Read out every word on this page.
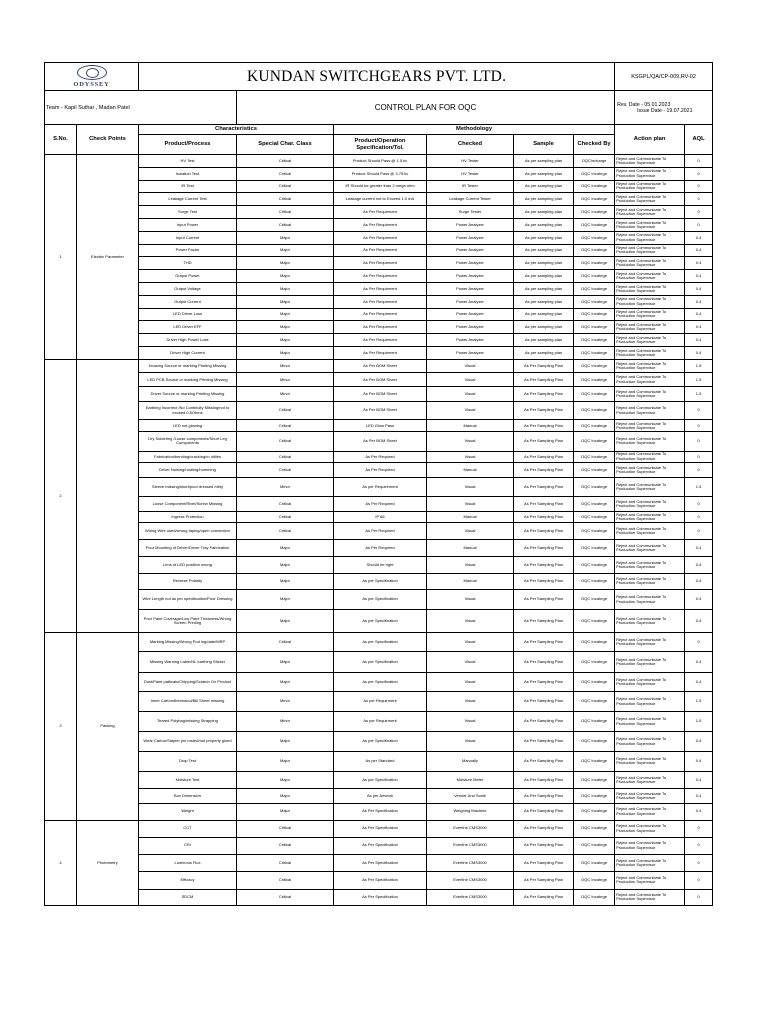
ODYSSEY		KUNDAN SWITCHGEARS PVT. LTD.						KSGPL/QA/CP-009,RV-02	
Team - Kapil Suthar , Madan Patel			CONTROL PLAN FOR OQC					Rev. Date - 05.01.2023
Issue Date - 19.07.2021	

S.No.	Check Points	Characteristics		Methodology				Action plan	AQL
		Product/Process	Special Char. Class	Product/Operation Specification/Tol.	Checked	Sample	Checked By		
1	Electric Parameter	HV Test	Critical	Product Should Pass @ 1.5 kv	HV Tester	As per sampling plan	OQCIncharge	Reject and Communicate To Production Supervisor	0
		Isolation Test	Critical	Product Should Pass @ 3.75 kv	HV Tester	As per sampling plan	OQC Incahrge	Reject and Communicate To Production Supervisor	0
		IR Test	Critical	IR Should be greater than 2 mega ohm	IR Tester	As per sampling plan	OQC Incahrge	Reject and Communicate To Production Supervisor	0
		Leakage Current Test	Critical	Leakage current not to Exceed 1.0 mA	Leakage Current Tester	As per sampling plan	OQC Incahrge	Reject and Communicate To Production Supervisor	0
		Surge Test	Critical	As Per Requirment	Surge Tester	As per sampling plan	OQC Incahrge	Reject and Communicate To Production Supervisor	0
		Input Power	Critical	As Per Requirment	Power Analyzer	As per sampling plan	OQC Incahrge	Reject and Communicate To Production Supervisor	0
		Input Current	Major	As Per Requirment	Power Analyzer	As per sampling plan	OQC Incahrge	Reject and Communicate To Production Supervisor	0.4
		Power Factor	Major	As Per Requirment	Power Analyzer	As per sampling plan	OQC Incahrge	Reject and Communicate To Production Supervisor	0.4
		THD	Major	As Per Requirment	Power Analyzer	As per sampling plan	OQC Incahrge	Reject and Communicate To Production Supervisor	0.4
		Output Power	Major	As Per Requirment	Power Analyzer	As per sampling plan	OQC Incahrge	Reject and Communicate To Production Supervisor	0.4
		Output Voltage	Major	As Per Requirment	Power Analyzer	As per sampling plan	OQC Incahrge	Reject and Communicate To Production Supervisor	0.4
		Output Current	Major	As Per Requirment	Power Analyzer	As per sampling plan	OQC Incahrge	Reject and Communicate To Production Supervisor	0.4
		LED Driver Loss	Major	As Per Requirment	Power Analyzer	As per sampling plan	OQC Incahrge	Reject and Communicate To Production Supervisor	0.4
		LED Driver EFF	Major	As Per Requirment	Power Analyzer	As per sampling plan	OQC Incahrge	Reject and Communicate To Production Supervisor	0.4
		Driver High Power Loss	Major	As Per Requirment	Power Analyzer	As per sampling plan	OQC Incahrge	Reject and Communicate To Production Supervisor	0.4
		Driver High Current	Major	As Per Requirment	Power Analyzer	As per sampling plan	OQC Incahrge	Reject and Communicate To Production Supervisor	0.4
2		Housing Source or marking Printing Missing	Minor	As Per BOM Sheet	Visual	As Per Sampling Plan	OQC Incahrge	Reject and Communicate To Production Supervisor	1.5
		LED PCB Source or marking Printing Missing	Minor	As Per BOM Sheet	Visual	As Per Sampling Plan	OQC Incahrge	Reject and Communicate To Production Supervisor	1.5
		Driver Source or marking Printing Missing	Minor	As Per BOM Sheet	Visual	As Per Sampling Plan	OQC Incahrge	Reject and Communicate To Production Supervisor	1.5
		Earthing Incorrect /No Continuity Missing/not to exceed 0.5Ohms	Critical	As Per BOM Sheet	Visual	As Per Sampling Plan	OQC Incahrge	Reject and Communicate To Production Supervisor	0
		LED not glowing	Critical	LED Glow Pass	Manual	As Per Sampling Plan	OQC Incahrge	Reject and Communicate To Production Supervisor	0
		Dry Soldering /Loose components/Short Leg Components	Critical	As Per BOM Sheet	Visual	As Per Sampling Plan	OQC Incahrge	Reject and Communicate To Production Supervisor	0
		Fabrication/bending/cracking/m oltiles	Critical	As Per Required	Visual	As Per Sampling Plan	OQC Incahrge	Reject and Communicate To Production Supervisor	0
		Driver Noising/rustling/humming	Critical	As Per Required	Manual	As Per Sampling Plan	OQC Incahrge	Reject and Communicate To Production Supervisor	0
		Sleeve missing/short/poor dressed /dirty	Minor	As per Requirement	Visual	As Per Sampling Plan	OQC Incahrge	Reject and Communicate To Production Supervisor	1.5
		Loose Component/Rivet/Screw Missing	Critical	As Per Required	Visual	As Per Sampling Plan	OQC Incahrge	Reject and Communicate To Production Supervisor	0
		Ingress Protection	Critical	IP 66	Manual	As Per Sampling Plan	OQC Incahrge	Reject and Communicate To Production Supervisor	0
		Wiring Wire used/wrong taping/open connection	Critical	As Per Required	Visual	As Per Sampling Plan	OQC Incahrge	Reject and Communicate To Production Supervisor	0
		Poor Mounting of Driver/Driver Tray Fabrication	Major	As Per Required	Manual	As Per Sampling Plan	OQC Incahrge	Reject and Communicate To Production Supervisor	0.4
		Lens of LED position wrong	Major	Should be right	Visual	As Per Sampling Plan	OQC Incahrge	Reject and Communicate To Production Supervisor	0.4
		Reverse Polarity	Major	As per Specification	Manual	As Per Sampling Plan	OQC Incahrge	Reject and Communicate To Production Supervisor	0.4
		Wire Length not as per specification/Poor Dressing	Major	As per Specification	Visual	As Per Sampling Plan	OQC Incahrge	Reject and Communicate To Production Supervisor	0.4
		Poor Paint Coverage/Low Paint Thickness/Wrong Screen Printing	Major	As per Specification	Visual	As Per Sampling Plan	OQC Incahrge	Reject and Communicate To Production Supervisor	0.4
3	Packing	Marking Missing/Wrong Pod log/date/MRP	Critical	As per Specification	Visual	As Per Sampling Plan	OQC Incahrge	Reject and Communicate To Production Supervisor	0
		Missing Warning Lable/NL earthing Sticker	Major	As per Specification	Visual	As Per Sampling Plan	OQC Incahrge	Reject and Communicate To Production Supervisor	0.4
		Dust/Paint patticals/Chipping/Scratch On Product	Major	As per Specification	Visual	As Per Sampling Plan	OQC Incahrge	Reject and Communicate To Production Supervisor	0.4
		Inner Carton/thermacol/Bill Sheet missing	Minor	As per Requirment	Visual	As Per Sampling Plan	OQC Incahrge	Reject and Communicate To Production Supervisor	1.5
		Teared Polybag/missing Strapping	Minor	As per Requirment	Visual	As Per Sampling Plan	OQC Incahrge	Reject and Communicate To Production Supervisor	1.5
		Wear Carton/Stapler pin rusted/not properly glued	Major	As per Specification	Visual	As Per Sampling Plan	OQC Incahrge	Reject and Communicate To Production Supervisor	0.4
		Drop Test	Major	As per Standard	Manually	As Per Sampling Plan	OQC Incahrge	Reject and Communicate To Production Supervisor	0.4
		Moisture Test	Major	As per Specification	Moisture Meter	As Per Sampling Plan	OQC Incahrge	Reject and Communicate To Production Supervisor	0.4
		Box Dimension	Major	As per Artwork	Vernier And Scale	As Per Sampling Plan	OQC Incahrge	Reject and Communicate To Production Supervisor	0.4
		Weight	Major	As Per Specification	Weighing Machine	As Per Sampling Plan	OQC Incahrge	Reject and Communicate To Production Supervisor	0.4
4	Photometry	CCT	Critical	As Per Specification	Everfine CMS3000	As Per Sampling Plan	OQC Incahrge	Reject and Communicate To Production Supervisor	0
		CRI	Critical	As Per Specification	Everfine CMS3000	As Per Sampling Plan	OQC Incahrge	Reject and Communicate To Production Supervisor	0
		Luminous Flux	Critical	As Per Specification	Everfine CMS3000	As Per Sampling Plan	OQC Incahrge	Reject and Communicate To Production Supervisor	0
		Efficacy	Critical	As Per Specification	Everfine CMS3000	As Per Sampling Plan	OQC Incahrge	Reject and Communicate To Production Supervisor	0
		SDCM	Critical	As Per Specification	Everfine CMS3000	As Per Sampling Plan	OQC Incahrge	Reject and Communicate To Production Supervisor	0
